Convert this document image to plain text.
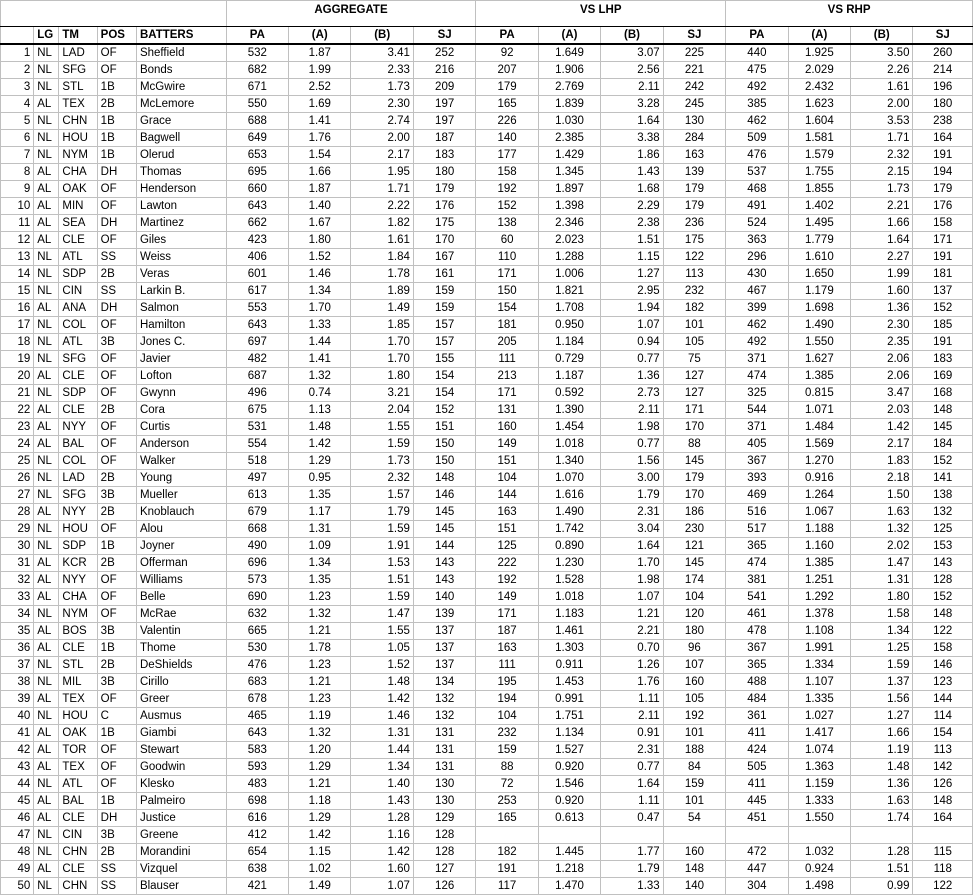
					AGGREGATE				VS LHP				VS RHP			
	LG	TM	POS	BATTERS	PA	(A)	(B)	SJ	PA	(A)	(B)	SJ	PA	(A)	(B)	SJ
1	NL	LAD	OF	Sheffield	532	1.87	3.41	252	92	1.649	3.07	225	440	1.925	3.50	260
2	NL	SFG	OF	Bonds	682	1.99	2.33	216	207	1.906	2.56	221	475	2.029	2.26	214
3	NL	STL	1B	McGwire	671	2.52	1.73	209	179	2.769	2.11	242	492	2.432	1.61	196
4	AL	TEX	2B	McLemore	550	1.69	2.30	197	165	1.839	3.28	245	385	1.623	2.00	180
5	NL	CHN	1B	Grace	688	1.41	2.74	197	226	1.030	1.64	130	462	1.604	3.53	238
6	NL	HOU	1B	Bagwell	649	1.76	2.00	187	140	2.385	3.38	284	509	1.581	1.71	164
7	NL	NYM	1B	Olerud	653	1.54	2.17	183	177	1.429	1.86	163	476	1.579	2.32	191
8	AL	CHA	DH	Thomas	695	1.66	1.95	180	158	1.345	1.43	139	537	1.755	2.15	194
9	AL	OAK	OF	Henderson	660	1.87	1.71	179	192	1.897	1.68	179	468	1.855	1.73	179
10	AL	MIN	OF	Lawton	643	1.40	2.22	176	152	1.398	2.29	179	491	1.402	2.21	176
11	AL	SEA	DH	Martinez	662	1.67	1.82	175	138	2.346	2.38	236	524	1.495	1.66	158
12	AL	CLE	OF	Giles	423	1.80	1.61	170	60	2.023	1.51	175	363	1.779	1.64	171
13	NL	ATL	SS	Weiss	406	1.52	1.84	167	110	1.288	1.15	122	296	1.610	2.27	191
14	NL	SDP	2B	Veras	601	1.46	1.78	161	171	1.006	1.27	113	430	1.650	1.99	181
15	NL	CIN	SS	Larkin B.	617	1.34	1.89	159	150	1.821	2.95	232	467	1.179	1.60	137
16	AL	ANA	DH	Salmon	553	1.70	1.49	159	154	1.708	1.94	182	399	1.698	1.36	152
17	NL	COL	OF	Hamilton	643	1.33	1.85	157	181	0.950	1.07	101	462	1.490	2.30	185
18	NL	ATL	3B	Jones C.	697	1.44	1.70	157	205	1.184	0.94	105	492	1.550	2.35	191
19	NL	SFG	OF	Javier	482	1.41	1.70	155	111	0.729	0.77	75	371	1.627	2.06	183
20	AL	CLE	OF	Lofton	687	1.32	1.80	154	213	1.187	1.36	127	474	1.385	2.06	169
21	NL	SDP	OF	Gwynn	496	0.74	3.21	154	171	0.592	2.73	127	325	0.815	3.47	168
22	AL	CLE	2B	Cora	675	1.13	2.04	152	131	1.390	2.11	171	544	1.071	2.03	148
23	AL	NYY	OF	Curtis	531	1.48	1.55	151	160	1.454	1.98	170	371	1.484	1.42	145
24	AL	BAL	OF	Anderson	554	1.42	1.59	150	149	1.018	0.77	88	405	1.569	2.17	184
25	NL	COL	OF	Walker	518	1.29	1.73	150	151	1.340	1.56	145	367	1.270	1.83	152
26	NL	LAD	2B	Young	497	0.95	2.32	148	104	1.070	3.00	179	393	0.916	2.18	141
27	NL	SFG	3B	Mueller	613	1.35	1.57	146	144	1.616	1.79	170	469	1.264	1.50	138
28	AL	NYY	2B	Knoblauch	679	1.17	1.79	145	163	1.490	2.31	186	516	1.067	1.63	132
29	NL	HOU	OF	Alou	668	1.31	1.59	145	151	1.742	3.04	230	517	1.188	1.32	125
30	NL	SDP	1B	Joyner	490	1.09	1.91	144	125	0.890	1.64	121	365	1.160	2.02	153
31	AL	KCR	2B	Offerman	696	1.34	1.53	143	222	1.230	1.70	145	474	1.385	1.47	143
32	AL	NYY	OF	Williams	573	1.35	1.51	143	192	1.528	1.98	174	381	1.251	1.31	128
33	AL	CHA	OF	Belle	690	1.23	1.59	140	149	1.018	1.07	104	541	1.292	1.80	152
34	NL	NYM	OF	McRae	632	1.32	1.47	139	171	1.183	1.21	120	461	1.378	1.58	148
35	AL	BOS	3B	Valentin	665	1.21	1.55	137	187	1.461	2.21	180	478	1.108	1.34	122
36	AL	CLE	1B	Thome	530	1.78	1.05	137	163	1.303	0.70	96	367	1.991	1.25	158
37	NL	STL	2B	DeShields	476	1.23	1.52	137	111	0.911	1.26	107	365	1.334	1.59	146
38	NL	MIL	3B	Cirillo	683	1.21	1.48	134	195	1.453	1.76	160	488	1.107	1.37	123
39	AL	TEX	OF	Greer	678	1.23	1.42	132	194	0.991	1.11	105	484	1.335	1.56	144
40	NL	HOU	C	Ausmus	465	1.19	1.46	132	104	1.751	2.11	192	361	1.027	1.27	114
41	AL	OAK	1B	Giambi	643	1.32	1.31	131	232	1.134	0.91	101	411	1.417	1.66	154
42	AL	TOR	OF	Stewart	583	1.20	1.44	131	159	1.527	2.31	188	424	1.074	1.19	113
43	AL	TEX	OF	Goodwin	593	1.29	1.34	131	88	0.920	0.77	84	505	1.363	1.48	142
44	NL	ATL	OF	Klesko	483	1.21	1.40	130	72	1.546	1.64	159	411	1.159	1.36	126
45	AL	BAL	1B	Palmeiro	698	1.18	1.43	130	253	0.920	1.11	101	445	1.333	1.63	148
46	AL	CLE	DH	Justice	616	1.29	1.28	129	165	0.613	0.47	54	451	1.550	1.74	164
47	NL	CIN	3B	Greene	412	1.42	1.16	128								
48	NL	CHN	2B	Morandini	654	1.15	1.42	128	182	1.445	1.77	160	472	1.032	1.28	115
49	AL	CLE	SS	Vizquel	638	1.02	1.60	127	191	1.218	1.79	148	447	0.924	1.51	118
50	NL	CHN	SS	Blauser	421	1.49	1.07	126	117	1.470	1.33	140	304	1.498	0.99	122
